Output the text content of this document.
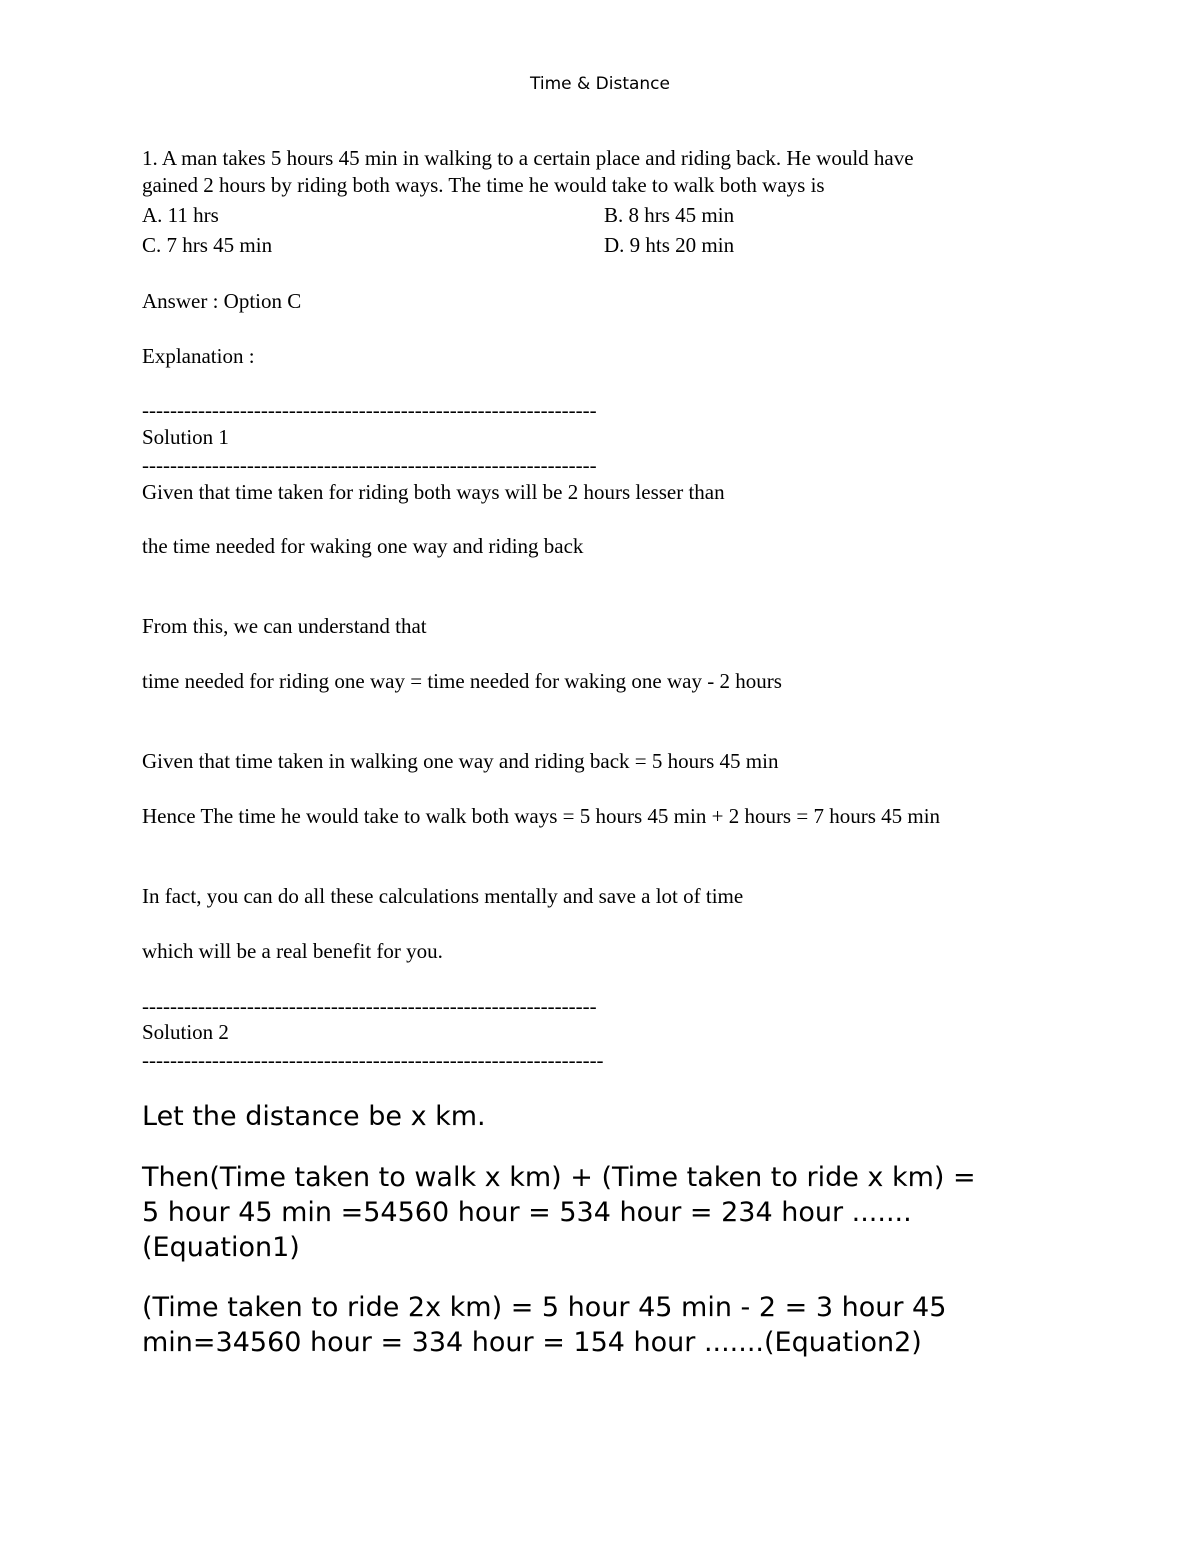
Time & Distance
1. A man takes 5 hours 45 min in walking to a certain place and riding back. He would have
gained 2 hours by riding both ways. The time he would take to walk both ways is
A. 11 hrs	B. 8 hrs 45 min
C. 7 hrs 45 min	D. 9 hts 20 min
Answer : Option C
Explanation :
-----------------------------------------------------------------
Solution 1
-----------------------------------------------------------------
Given that time taken for riding both ways will be 2 hours lesser than
the time needed for waking one way and riding back
From this, we can understand that
time needed for riding one way = time needed for waking one way - 2 hours
Given that time taken in walking one way and riding back = 5 hours 45 min
Hence The time he would take to walk both ways = 5 hours 45 min + 2 hours = 7 hours 45 min
In fact, you can do all these calculations mentally and save a lot of time
which will be a real benefit for you.
-----------------------------------------------------------------
Solution 2
------------------------------------------------------------------
Let the distance be x km.
Then(Time taken to walk x km) + (Time taken to ride x km) =
5 hour 45 min =54560 hour = 534 hour = 234 hour .......
(Equation1)
(Time taken to ride 2x km) = 5 hour 45 min - 2 = 3 hour 45
min=34560 hour = 334 hour = 154 hour .......(Equation2)
